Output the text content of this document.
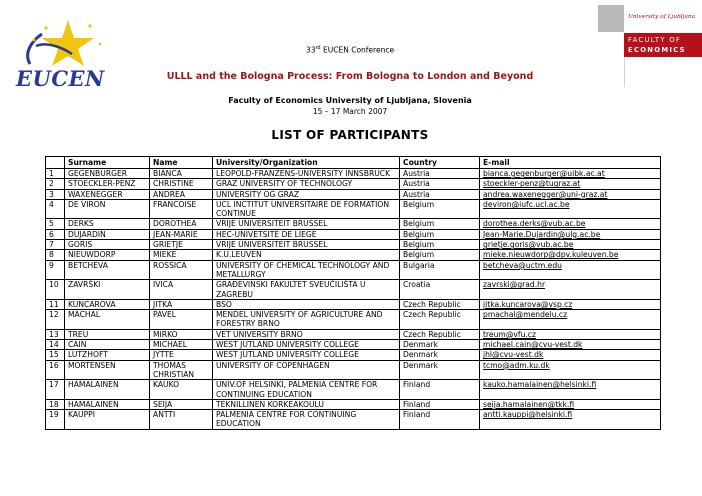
EUCEN
University of Ljubljana
FACULTY OF
ECONOMICS
33rd EUCEN Conference
ULLL and the Bologna Process: From Bologna to London and Beyond
Faculty of Economics University of Ljubljana, Slovenia
15 – 17 March 2007
LIST OF PARTICIPANTS
	Surname	Name	University/Organization	Country	E-mail
1	GEGENBURGER	BIANCA	LEOPOLD-FRANZENS-UNIVERSITY INNSBRUCK	Austria	bianca.gegenburger@uibk.ac.at
2	STOECKLER-PENZ	CHRISTINE	GRAZ UNIVERSITY OF TECHNOLOGY	Austria	stoeckler-penz@tugraz.at
3	WAXENEGGER	ANDREA	UNIVERSITY OG GRAZ	Austria	andrea.waxenegger@uni-graz.at
4	DE VIRON	FRANCOISE	UCL INCTITUT UNIVERSITAIRE DE FORMATION CONTINUE	Belgium	deviron@iufc.ucl.ac.be
5	DERKS	DOROTHEA	VRIJE UNIVERSITEIT BRUSSEL	Belgium	dorothea.derks@vub.ac.be
6	DUJARDIN	JEAN-MARIE	HEC-UNIVETSITE DE LIEGE	Belgium	Jean-Marie.Dujardin@ulg.ac.be
7	GORIS	GRIETJE	VRIJE UNIVERSITEIT BRUSSEL	Belgium	grietje.goris@vub.ac.be
8	NIEUWDORP	MIEKE	K.U.LEUVEN	Belgium	mieke.nieuwdorp@dpv.kuleuven.be
9	BETCHEVA	ROSSICA	UNIVERSITY OF CHEMICAL TECHNOLOGY AND METALLURGY	Bulgaria	betcheva@uctm.edu
10	ZAVRŠKI	IVICA	GRAĐEVINSKI FAKULTET SVEUČILIŠTA U ZAGREBU	Croatia	zavrski@grad.hr
11	KUNCAROVA	JITKA	BSO	Czech Republic	jitka.kuncarova@vsp.cz
12	MACHAL	PAVEL	MENDEL UNIVERSITY OF AGRICULTURE AND FORESTRY BRNO	Czech Republic	pmachal@mendelu.cz
13	TREU	MIRKO	VET UNIVERSITY BRNO	Czech Republic	treum@vfu.cz
14	CAIN	MICHAEL	WEST JUTLAND UNIVERSITY COLLEGE	Denmark	michael.cain@cvu-vest.dk
15	LUTZHOFT	JYTTE	WEST JUTLAND UNIVERSITY COLLEGE	Denmark	jhl@cvu-vest.dk
16	MORTENSEN	THOMAS CHRISTIAN	UNIVERSITY OF COPENHAGEN	Denmark	tcmo@adm.ku.dk
17	HAMALAINEN	KAUKO	UNIV.OF HELSINKI, PALMENIA CENTRE FOR CONTINUING EDUCATION	Finland	kauko.hamalainen@helsinki.fi
18	HAMALAINEN	SEIJA	TEKNILLINEN KORKEAKOULU	Finland	seija.hamalainen@tkk.fi
19	KAUPPI	ANTTI	PALMENIA CENTRE FOR CONTINUING EDUCATION	Finland	antti.kauppi@helsinki.fi
